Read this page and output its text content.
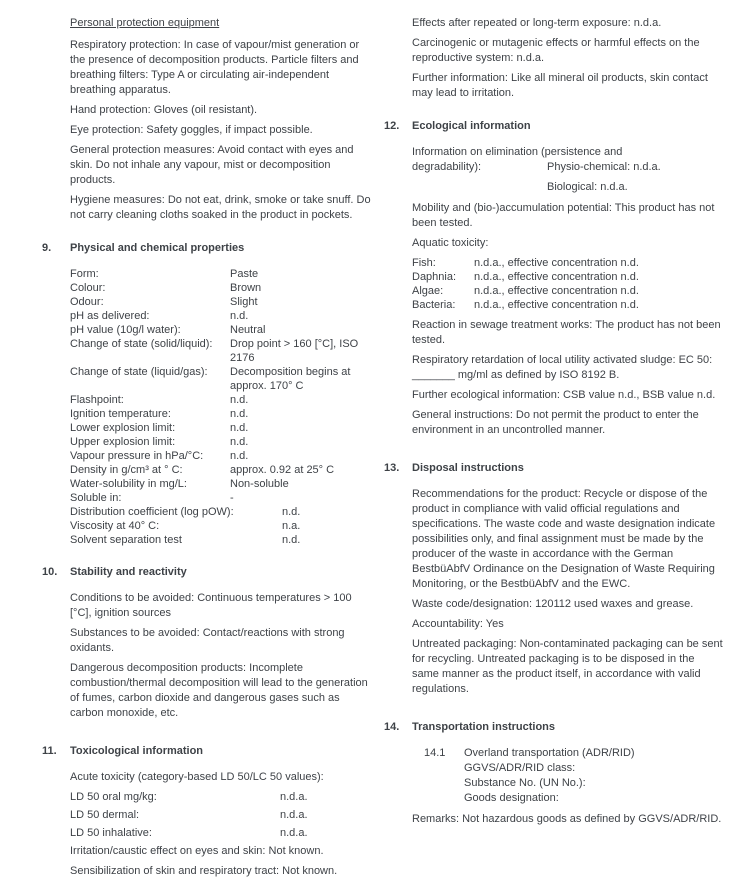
Personal protection equipment

Respiratory protection: In case of vapour/mist generation or the presence of decomposition products. Particle filters and breathing filters: Type A or circulating air-independent breathing apparatus.

Hand protection: Gloves (oil resistant).

Eye protection: Safety goggles, if impact possible.

General protection measures: Avoid contact with eyes and skin. Do not inhale any vapour, mist or decomposition products.

Hygiene measures: Do not eat, drink, smoke or take snuff. Do not carry cleaning cloths soaked in the product in pockets.

9.	Physical and chemical properties
Form:	Paste
Colour:	Brown
Odour:	Slight
pH as delivered:	n.d.
pH value (10g/l water):	Neutral
Change of state (solid/liquid):	Drop point > 160 [°C], ISO 2176
Change of state (liquid/gas):	Decomposition begins at approx. 170° C
Flashpoint:	n.d.
Ignition temperature:	n.d.
Lower explosion limit:	n.d.
Upper explosion limit:	n.d.
Vapour pressure in hPa/°C:	n.d.
Density in g/cm³ at ° C:	approx. 0.92 at 25° C
Water-solubility in mg/L:	Non-soluble
Soluble in:	-
Distribution coefficient (log pOW):	n.d.
Viscosity at 40° C:	n.a.
Solvent separation test	n.d.
10.	Stability and reactivity

Conditions to be avoided: Continuous temperatures > 100 [°C], ignition sources

Substances to be avoided: Contact/reactions with strong oxidants.

Dangerous decomposition products: Incomplete combustion/thermal decomposition will lead to the generation of fumes, carbon dioxide and dangerous gases such as carbon monoxide, etc.

11.	Toxicological information

Acute toxicity (category-based LD 50/LC 50 values):

LD 50 oral mg/kg:	n.d.a.
LD 50 dermal:	n.d.a.
LD 50 inhalative:	n.d.a.

Irritation/caustic effect on eyes and skin: Not known.

Sensibilization of skin and respiratory tract: Not known.

Effects after repeated or long-term exposure: n.d.a.

Carcinogenic or mutagenic effects or harmful effects on the reproductive system: n.d.a.

Further information: Like all mineral oil products, skin contact may lead to irritation.

12.	Ecological information
Information on elimination (persistence and
degradability):	Physio-chemical: n.d.a.
Biological: n.d.a.

Mobility and (bio-)accumulation potential: This product has not been tested.

Aquatic toxicity:

Fish:	n.d.a., effective concentration n.d.
Daphnia:	n.d.a., effective concentration n.d.
Algae:	n.d.a., effective concentration n.d.
Bacteria:	n.d.a., effective concentration n.d.

Reaction in sewage treatment works: The product has not been tested.

Respiratory retardation of local utility activated sludge: EC 50: _______ mg/ml as defined by ISO 8192 B.

Further ecological information: CSB value n.d., BSB value n.d.

General instructions: Do not permit the product to enter the environment in an uncontrolled manner.

13.	Disposal instructions

Recommendations for the product: Recycle or dispose of the product in compliance with valid official regulations and specifications. The waste code and waste designation indicate possibilities only, and final assignment must be made by the producer of the waste in accordance with the German BestbüAbfV Ordinance on the Designation of Waste Requiring Monitoring, or the BestbüAbfV and the EWC.

Waste code/designation: 120112 used waxes and grease.

Accountability: Yes

Untreated packaging: Non-contaminated packaging can be sent for recycling. Untreated packaging is to be disposed in the same manner as the product itself, in accordance with valid regulations.

14.	Transportation instructions
14.1	Overland transportation (ADR/RID)
GGVS/ADR/RID class:
Substance No. (UN No.):
Goods designation:

Remarks: Not hazardous goods as defined by GGVS/ADR/RID.
